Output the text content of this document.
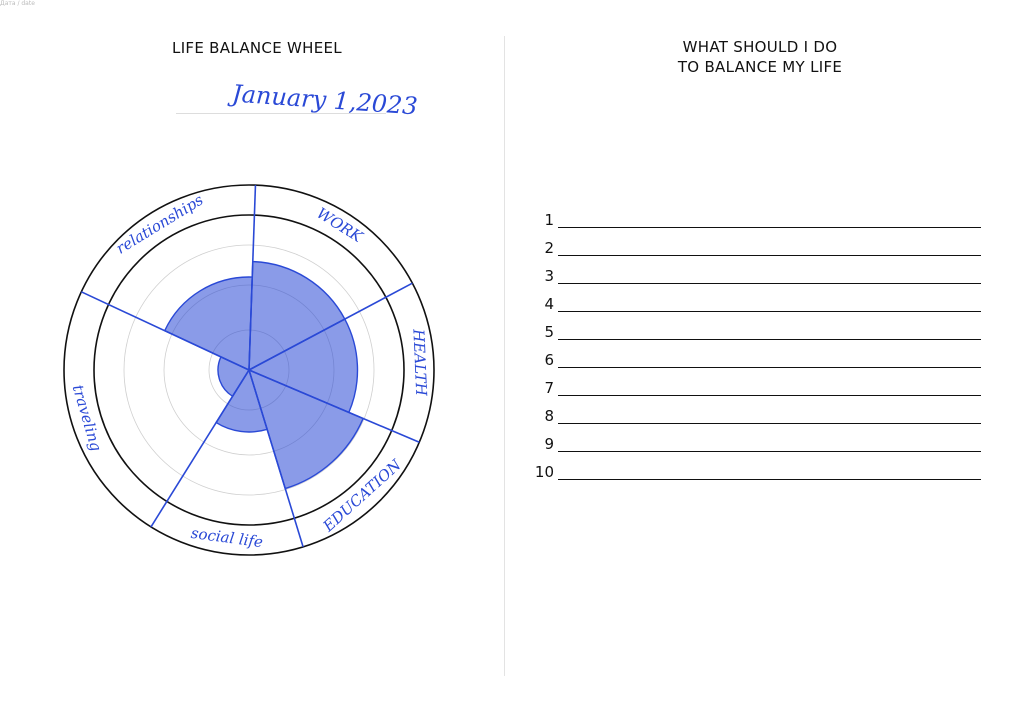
LIFE BALANCE WHEEL	WHAT SHOULD I DO
TO BALANCE MY LIFE
Дата / date
January 1,2023
WORK
HEALTH
EDUCATION
social life
traveling
relationships	1
2
3
4
5
6
7
8
9
10
